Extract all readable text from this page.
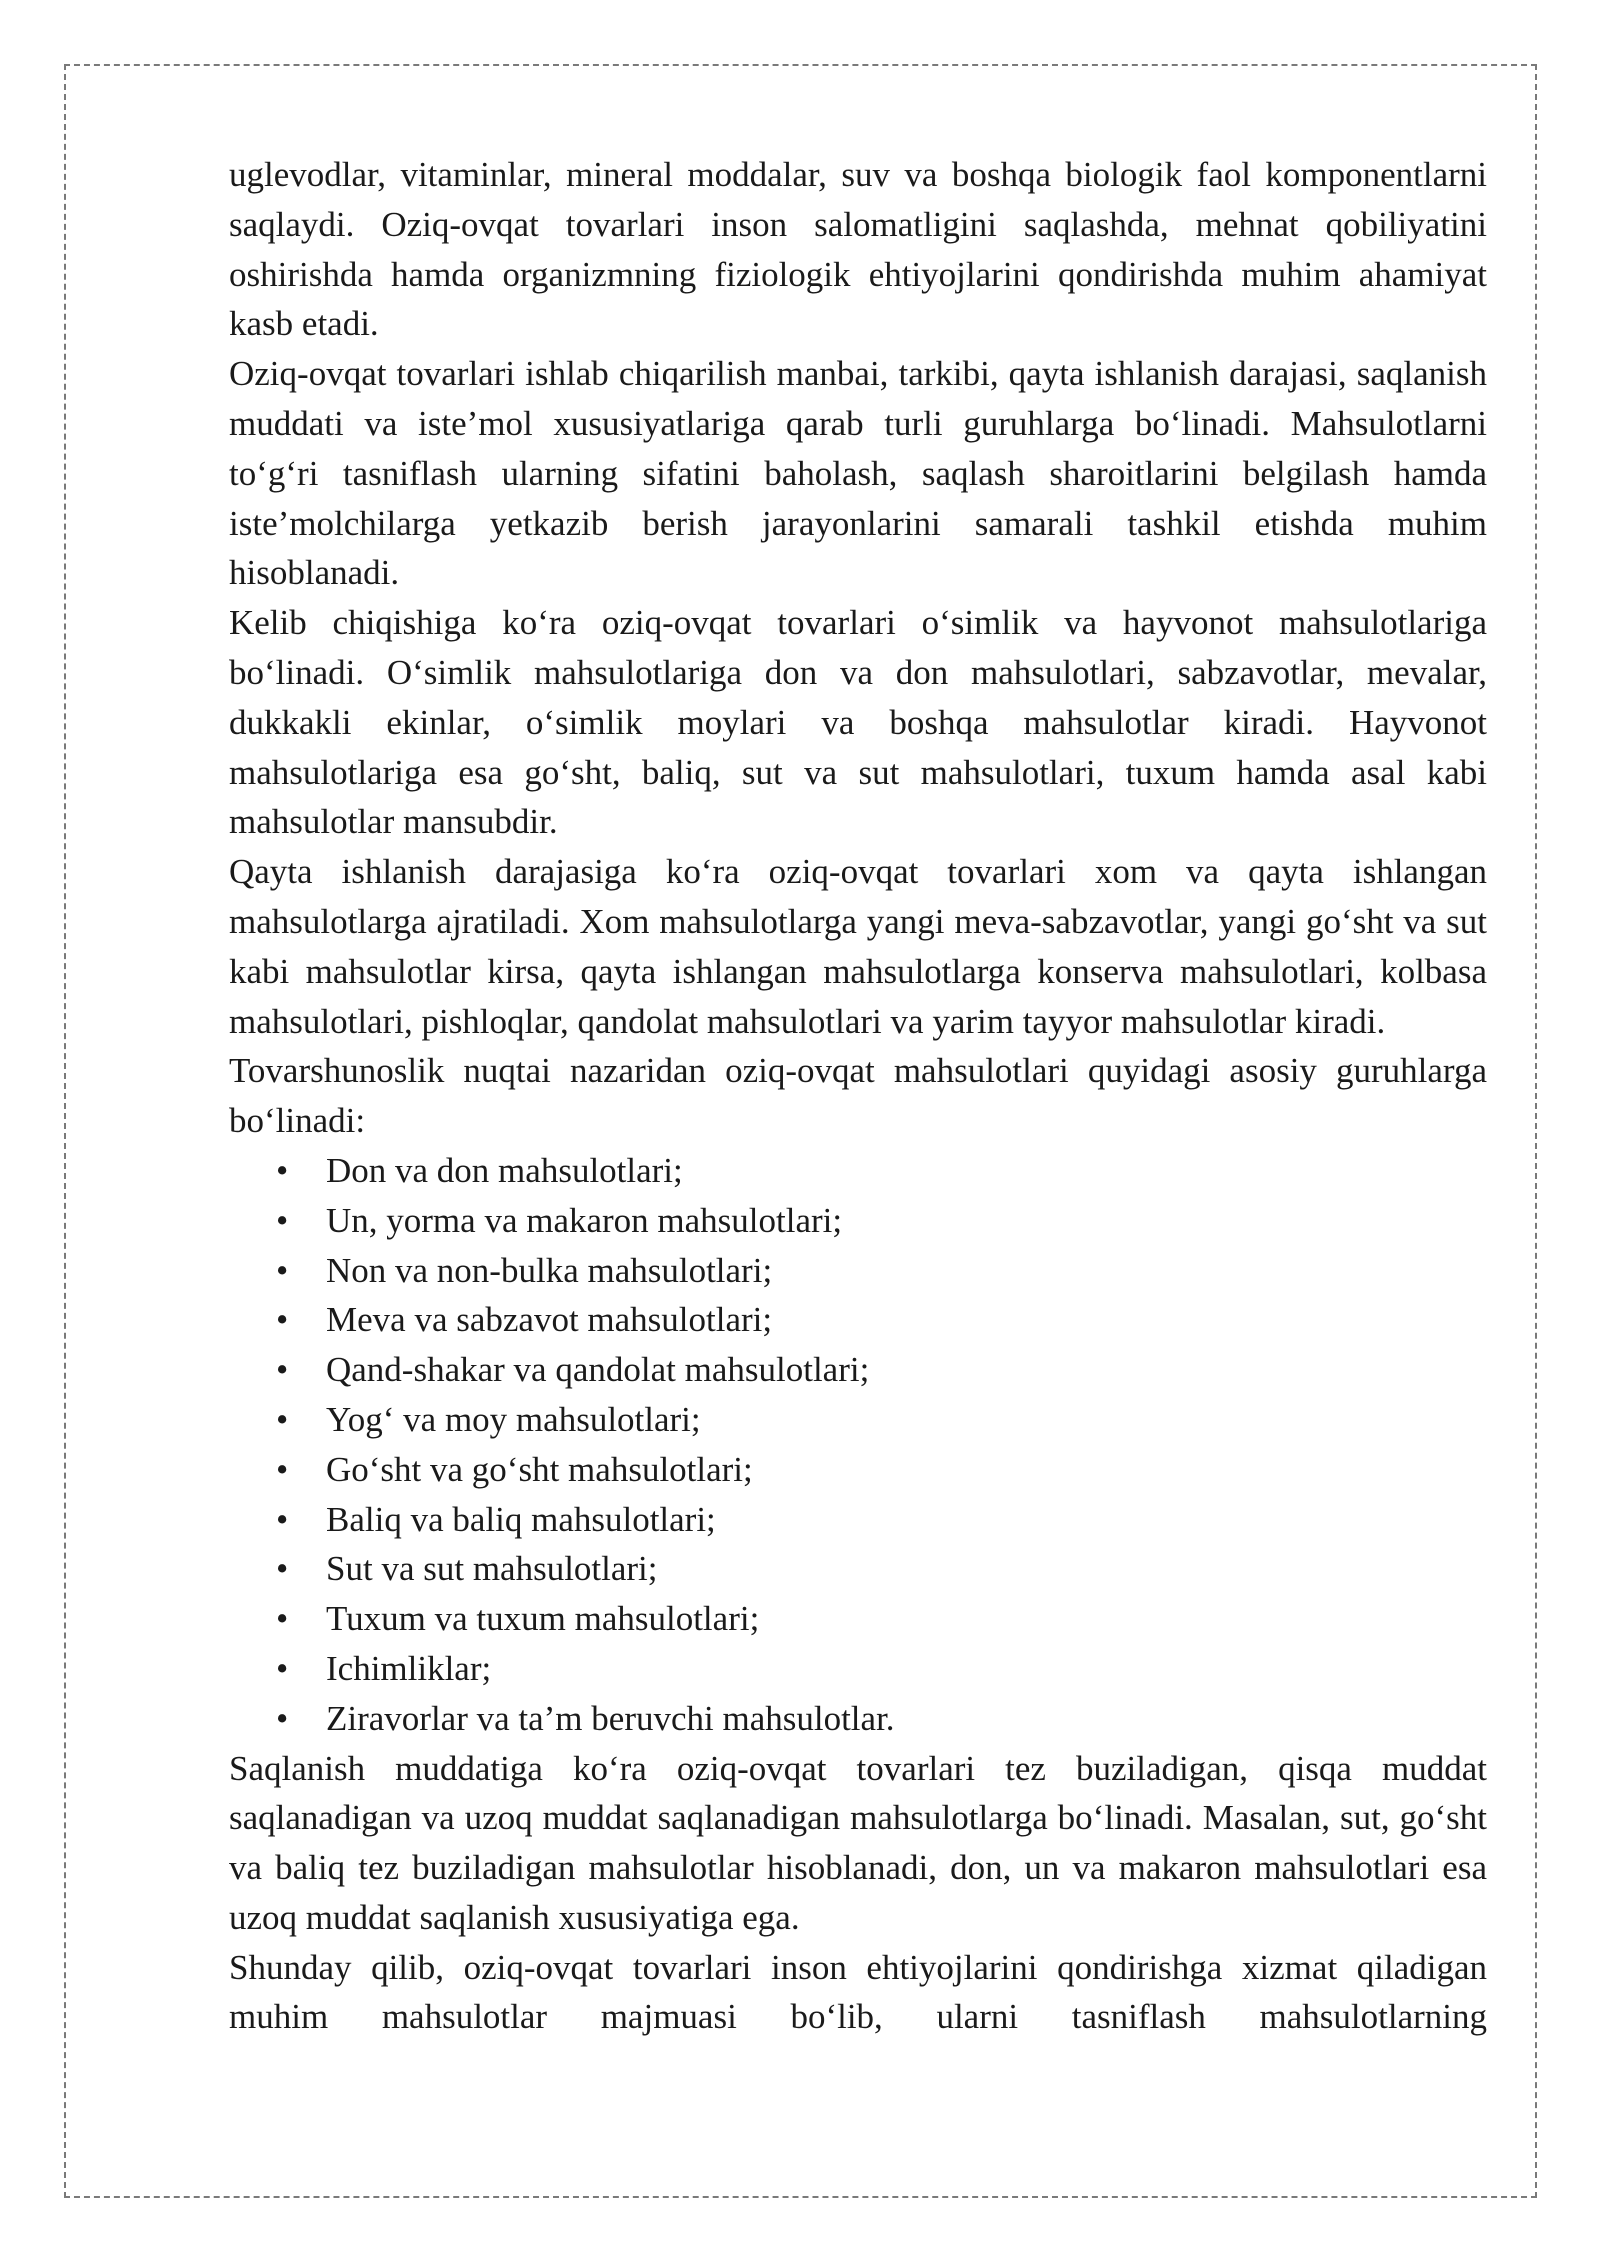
uglevodlar, vitaminlar, mineral moddalar, suv va boshqa biologik faol komponentlarni saqlaydi. Oziq-ovqat tovarlari inson salomatligini saqlashda, mehnat qobiliyatini oshirishda hamda organizmning fiziologik ehtiyojlarini qondirishda muhim ahamiyat kasb etadi.

Oziq-ovqat tovarlari ishlab chiqarilish manbai, tarkibi, qayta ishlanish darajasi, saqlanish muddati va iste’mol xususiyatlariga qarab turli guruhlarga bo‘linadi. Mahsulotlarni to‘g‘ri tasniflash ularning sifatini baholash, saqlash sharoitlarini belgilash hamda iste’molchilarga yetkazib berish jarayonlarini samarali tashkil etishda muhim hisoblanadi.

Kelib chiqishiga ko‘ra oziq-ovqat tovarlari o‘simlik va hayvonot mahsulotlariga bo‘linadi. O‘simlik mahsulotlariga don va don mahsulotlari, sabzavotlar, mevalar, dukkakli ekinlar, o‘simlik moylari va boshqa mahsulotlar kiradi. Hayvonot mahsulotlariga esa go‘sht, baliq, sut va sut mahsulotlari, tuxum hamda asal kabi mahsulotlar mansubdir.

Qayta ishlanish darajasiga ko‘ra oziq-ovqat tovarlari xom va qayta ishlangan mahsulotlarga ajratiladi. Xom mahsulotlarga yangi meva-sabzavotlar, yangi go‘sht va sut kabi mahsulotlar kirsa, qayta ishlangan mahsulotlarga konserva mahsulotlari, kolbasa mahsulotlari, pishloqlar, qandolat mahsulotlari va yarim tayyor mahsulotlar kiradi.

Tovarshunoslik nuqtai nazaridan oziq-ovqat mahsulotlari quyidagi asosiy guruhlarga bo‘linadi:

• Don va don mahsulotlari;
• Un, yorma va makaron mahsulotlari;
• Non va non-bulka mahsulotlari;
• Meva va sabzavot mahsulotlari;
• Qand-shakar va qandolat mahsulotlari;
• Yog‘ va moy mahsulotlari;
• Go‘sht va go‘sht mahsulotlari;
• Baliq va baliq mahsulotlari;
• Sut va sut mahsulotlari;
• Tuxum va tuxum mahsulotlari;
• Ichimliklar;
• Ziravorlar va ta’m beruvchi mahsulotlar.

Saqlanish muddatiga ko‘ra oziq-ovqat tovarlari tez buziladigan, qisqa muddat saqlanadigan va uzoq muddat saqlanadigan mahsulotlarga bo‘linadi. Masalan, sut, go‘sht va baliq tez buziladigan mahsulotlar hisoblanadi, don, un va makaron mahsulotlari esa uzoq muddat saqlanish xususiyatiga ega.

Shunday qilib, oziq-ovqat tovarlari inson ehtiyojlarini qondirishga xizmat qiladigan muhim mahsulotlar majmuasi bo‘lib, ularni tasniflash mahsulotlarning
